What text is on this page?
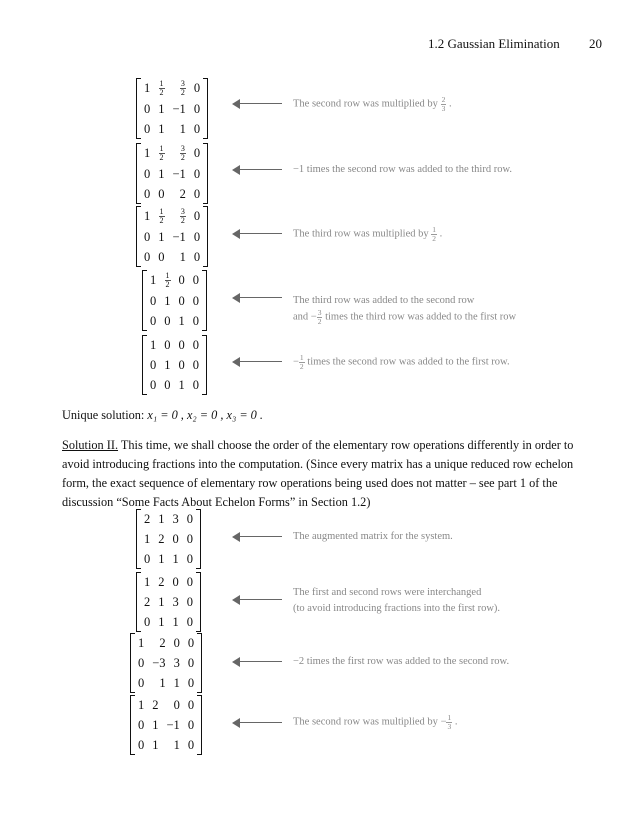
1.2 Gaussian Elimination 20
1	$\frac{1}{2}$	$\frac{3}{2}$	0
0	1	−1	0
0	1	1	0
1	$\frac{1}{2}$	$\frac{3}{2}$	0
0	1	−1	0
0	0	2	0
1	$\frac{1}{2}$	$\frac{3}{2}$	0
0	1	−1	0
0	0	1	0
1	$\frac{1}{2}$	0	0
0	1	0	0
0	0	1	0
1	0	0	0
0	1	0	0
0	0	1	0
The second row was multiplied by $\frac{2}{3}$ .
−1 times the second row was added to the third row.
The third row was multiplied by $\frac{1}{2}$ .
The third row was added to the second row
and − $\frac{3}{2}$ times the third row was added to the first row
− $\frac{1}{2}$ times the second row was added to the first row.
Unique solution: x₁ = 0 , x₂ = 0 , x₃ = 0 .
Solution II. This time, we shall choose the order of the elementary row operations differently in order to avoid introducing fractions into the computation. (Since every matrix has a unique reduced row echelon form, the exact sequence of elementary row operations being used does not matter – see part 1 of the discussion “Some Facts About Echelon Forms” in Section 1.2)
2	1	3	0
1	2	0	0
0	1	1	0
1	2	0	0
2	1	3	0
0	1	1	0
1	2	0	0
0	−3	3	0
0	1	1	0
1	2	0	0
0	1	−1	0
0	1	1	0
The augmented matrix for the system.
The first and second rows were interchanged
(to avoid introducing fractions into the first row).
−2 times the first row was added to the second row.
The second row was multiplied by − $\frac{1}{3}$ .
